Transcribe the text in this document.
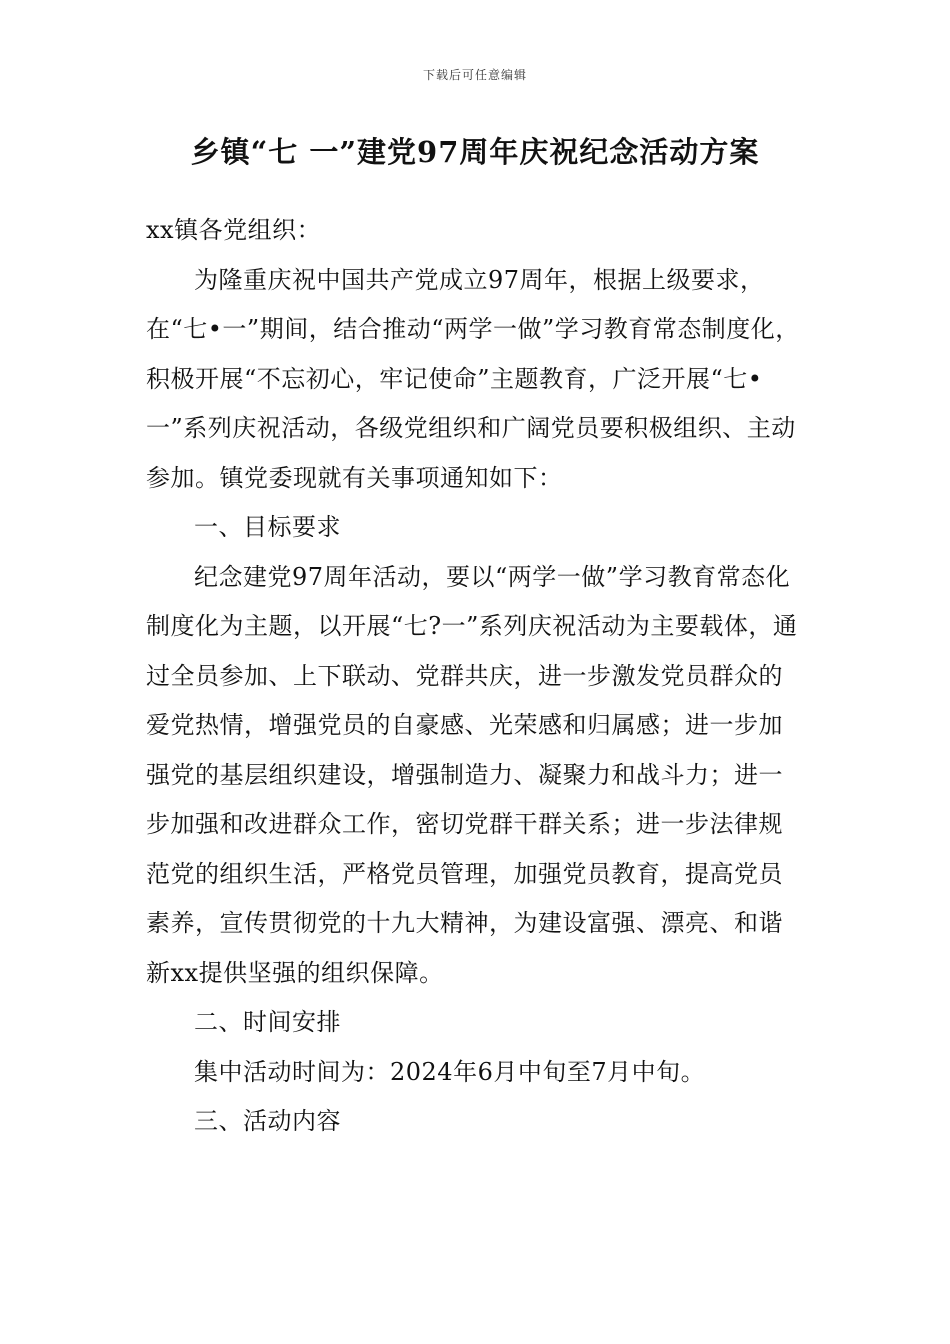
下载后可任意编辑
乡镇“七 一”建党97周年庆祝纪念活动方案

xx镇各党组织：

为隆重庆祝中国共产党成立97周年，根据上级要求，在“七•一”期间，结合推动“两学一做”学习教育常态制度化，积极开展“不忘初心，牢记使命”主题教育，广泛开展“七•一”系列庆祝活动，各级党组织和广阔党员要积极组织、主动参加。镇党委现就有关事项通知如下：

一、目标要求

纪念建党97周年活动，要以“两学一做”学习教育常态化制度化为主题，以开展“七?一”系列庆祝活动为主要载体，通过全员参加、上下联动、党群共庆，进一步激发党员群众的爱党热情，增强党员的自豪感、光荣感和归属感；进一步加强党的基层组织建设，增强制造力、凝聚力和战斗力；进一步加强和改进群众工作，密切党群干群关系；进一步法律规范党的组织生活，严格党员管理，加强党员教育，提高党员素养，宣传贯彻党的十九大精神，为建设富强、漂亮、和谐新xx提供坚强的组织保障。

二、时间安排

集中活动时间为：2024年6月中旬至7月中旬。

三、活动内容
